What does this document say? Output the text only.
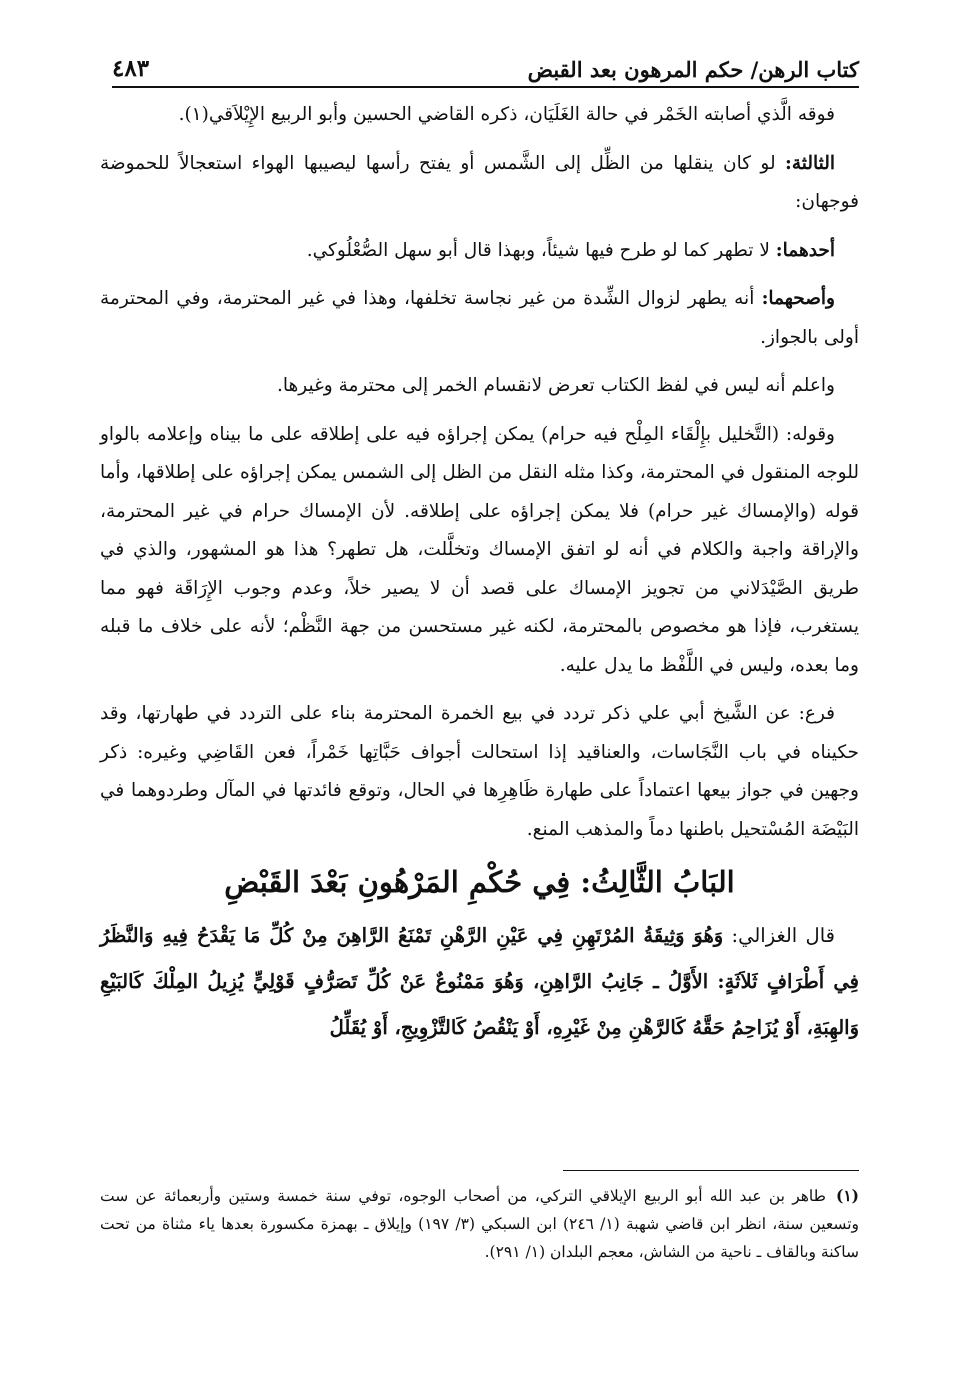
كتاب الرهن/ حكم المرهون بعد القبض
٤٨٣

فوقه الَّذي أصابته الخَمْر في حالة الغَلَيَان، ذكره القاضي الحسين وأبو الربيع الإِيْلاَقي(١).

الثالثة: لو كان ينقلها من الظِّل إلى الشَّمس أو يفتح رأسها ليصيبها الهواء استعجالاً للحموضة فوجهان:

أحدهما: لا تطهر كما لو طرح فيها شيئاً، وبهذا قال أبو سهل الصُّعْلُوكي.

وأصحهما: أنه يطهر لزوال الشِّدة من غير نجاسة تخلفها، وهذا في غير المحترمة، وفي المحترمة أولى بالجواز.

واعلم أنه ليس في لفظ الكتاب تعرض لانقسام الخمر إلى محترمة وغيرها.

وقوله: (التَّخليل بإِلْقَاء المِلْح فيه حرام) يمكن إجراؤه فيه على إطلاقه على ما بيناه وإعلامه بالواو للوجه المنقول في المحترمة، وكذا مثله النقل من الظل إلى الشمس يمكن إجراؤه على إطلاقها، وأما قوله (والإمساك غير حرام) فلا يمكن إجراؤه على إطلاقه. لأن الإمساك حرام في غير المحترمة، والإراقة واجبة والكلام في أنه لو اتفق الإمساك وتخلَّلت، هل تطهر؟ هذا هو المشهور، والذي في طريق الصَّيْدَلاني من تجويز الإمساك على قصد أن لا يصير خلاً، وعدم وجوب الإِرَاقَة فهو مما يستغرب، فإذا هو مخصوص بالمحترمة، لكنه غير مستحسن من جهة النَّظْم؛ لأنه على خلاف ما قبله وما بعده، وليس في اللَّفْظ ما يدل عليه.

فرع: عن الشَّيخ أبي علي ذكر تردد في بيع الخمرة المحترمة بناء على التردد في طهارتها، وقد حكيناه في باب النَّجَاسات، والعناقيد إذا استحالت أجواف حَبَّاتِها خَمْراً، فعن القَاضِي وغيره: ذكر وجهين في جواز بيعها اعتماداً على طهارة ظَاهِرِها في الحال، وتوقع فائدتها في المآل وطردوهما في البَيْضَة المُسْتحيل باطنها دماً والمذهب المنع.

البَابُ الثَّالِثُ: فِي حُكْمِ المَرْهُونِ بَعْدَ القَبْضِ

قال الغزالي: وَهُوَ وَثِيقَةُ المُرْتَهِنِ فِي عَيْنِ الرَّهْنِ تَمْنَعُ الرَّاهِنَ مِنْ كُلِّ مَا يَقْدَحُ فِيهِ وَالنَّظَرُ فِي أَطْرَافٍ ثَلاَثَةٍ: الأَوَّلُ ـ جَانِبُ الرَّاهِنِ، وَهُوَ مَمْنُوعٌ عَنْ كُلِّ تَصَرُّفٍ قَوْلِيٍّ يُزِيلُ المِلْكَ كَالبَيْعِ وَالهِبَةِ، أَوْ يُزَاحِمُ حَقَّهُ كَالرَّهْنِ مِنْ غَيْرِهِ، أَوْ يَنْقُصُ كَالتَّزْوِيجِ، أَوْ يُقَلِّلُ

(١)طاهر بن عبد الله أبو الربيع الإيلاقي التركي، من أصحاب الوجوه، توفي سنة خمسة وستين وأربعمائة عن ست وتسعين سنة، انظر ابن قاضي شهبة (١/ ٢٤٦) ابن السبكي (٣/ ١٩٧) وإيلاق ـ بهمزة مكسورة بعدها ياء مثناة من تحت ساكنة وبالقاف ـ ناحية من الشاش، معجم البلدان (١/ ٢٩١).
